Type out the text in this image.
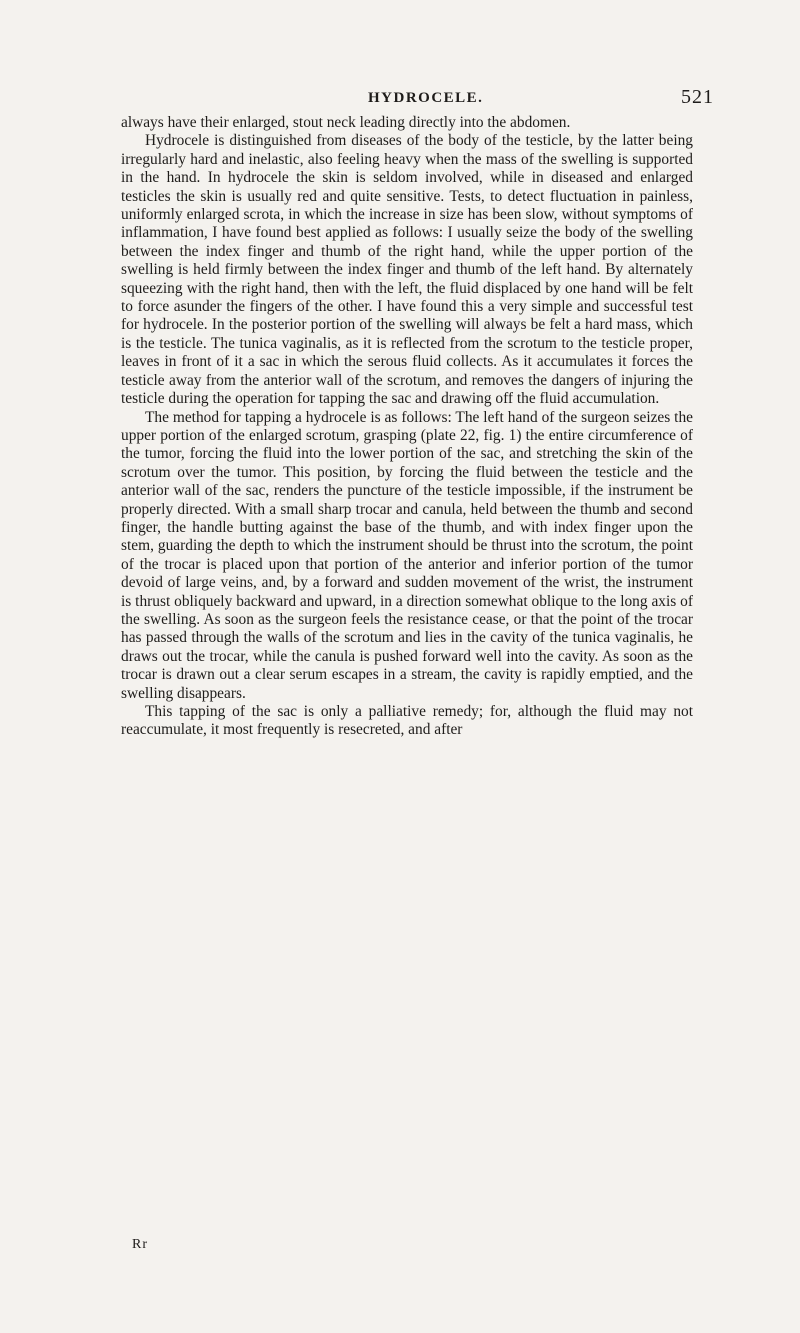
HYDROCELE.	521

always have their enlarged, stout neck leading directly into the abdomen.

Hydrocele is distinguished from diseases of the body of the testicle, by the latter being irregularly hard and inelastic, also feeling heavy when the mass of the swelling is supported in the hand. In hydrocele the skin is seldom involved, while in diseased and enlarged testicles the skin is usually red and quite sensitive. Tests, to detect fluctuation in painless, uniformly enlarged scrota, in which the increase in size has been slow, without symptoms of inflammation, I have found best applied as follows: I usually seize the body of the swelling between the index finger and thumb of the right hand, while the upper portion of the swelling is held firmly between the index finger and thumb of the left hand. By alternately squeezing with the right hand, then with the left, the fluid displaced by one hand will be felt to force asunder the fingers of the other. I have found this a very simple and successful test for hydrocele. In the posterior portion of the swelling will always be felt a hard mass, which is the testicle. The tunica vaginalis, as it is reflected from the scrotum to the testicle proper, leaves in front of it a sac in which the serous fluid collects. As it accumulates it forces the testicle away from the anterior wall of the scrotum, and removes the dangers of injuring the testicle during the operation for tapping the sac and drawing off the fluid accumulation.

The method for tapping a hydrocele is as follows: The left hand of the surgeon seizes the upper portion of the enlarged scrotum, grasping (plate 22, fig. 1) the entire circumference of the tumor, forcing the fluid into the lower portion of the sac, and stretching the skin of the scrotum over the tumor. This position, by forcing the fluid between the testicle and the anterior wall of the sac, renders the puncture of the testicle impossible, if the instrument be properly directed. With a small sharp trocar and canula, held between the thumb and second finger, the handle butting against the base of the thumb, and with index finger upon the stem, guarding the depth to which the instrument should be thrust into the scrotum, the point of the trocar is placed upon that portion of the anterior and inferior portion of the tumor devoid of large veins, and, by a forward and sudden movement of the wrist, the instrument is thrust obliquely backward and upward, in a direction somewhat oblique to the long axis of the swelling. As soon as the surgeon feels the resistance cease, or that the point of the trocar has passed through the walls of the scrotum and lies in the cavity of the tunica vaginalis, he draws out the trocar, while the canula is pushed forward well into the cavity. As soon as the trocar is drawn out a clear serum escapes in a stream, the cavity is rapidly emptied, and the swelling disappears.

This tapping of the sac is only a palliative remedy; for, although the fluid may not reaccumulate, it most frequently is resecreted, and after

Rr
